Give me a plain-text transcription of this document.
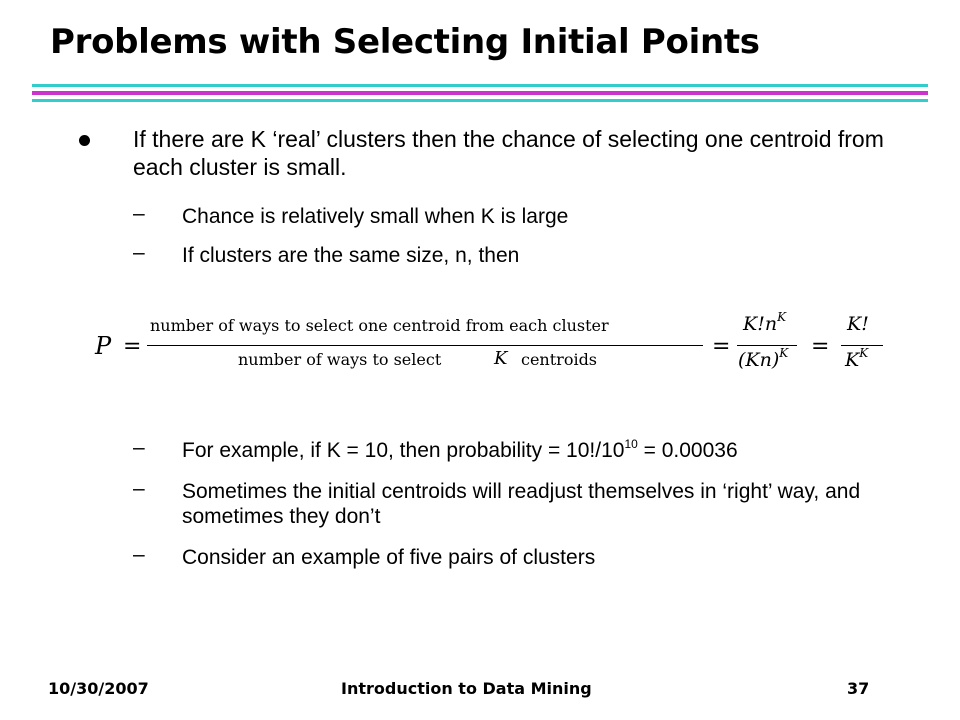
Problems with Selecting Initial Points
If there are K ‘real’ clusters then the chance of selecting one centroid from each cluster is small.
– Chance is relatively small when K is large
– If clusters are the same size, n, then
P =
number of ways to select one centroid from each cluster
number of ways to select	K centroids
=
$K!n^K$
$(Kn)^K$ =
K!
$K^K$
– For example, if K = 10, then probability = $10!/10^{10} = 0.00036$
– Sometimes the initial centroids will readjust themselves in ‘right’ way, and sometimes they don’t
– Consider an example of five pairs of clusters
10/30/2007	Introduction to Data Mining	37
